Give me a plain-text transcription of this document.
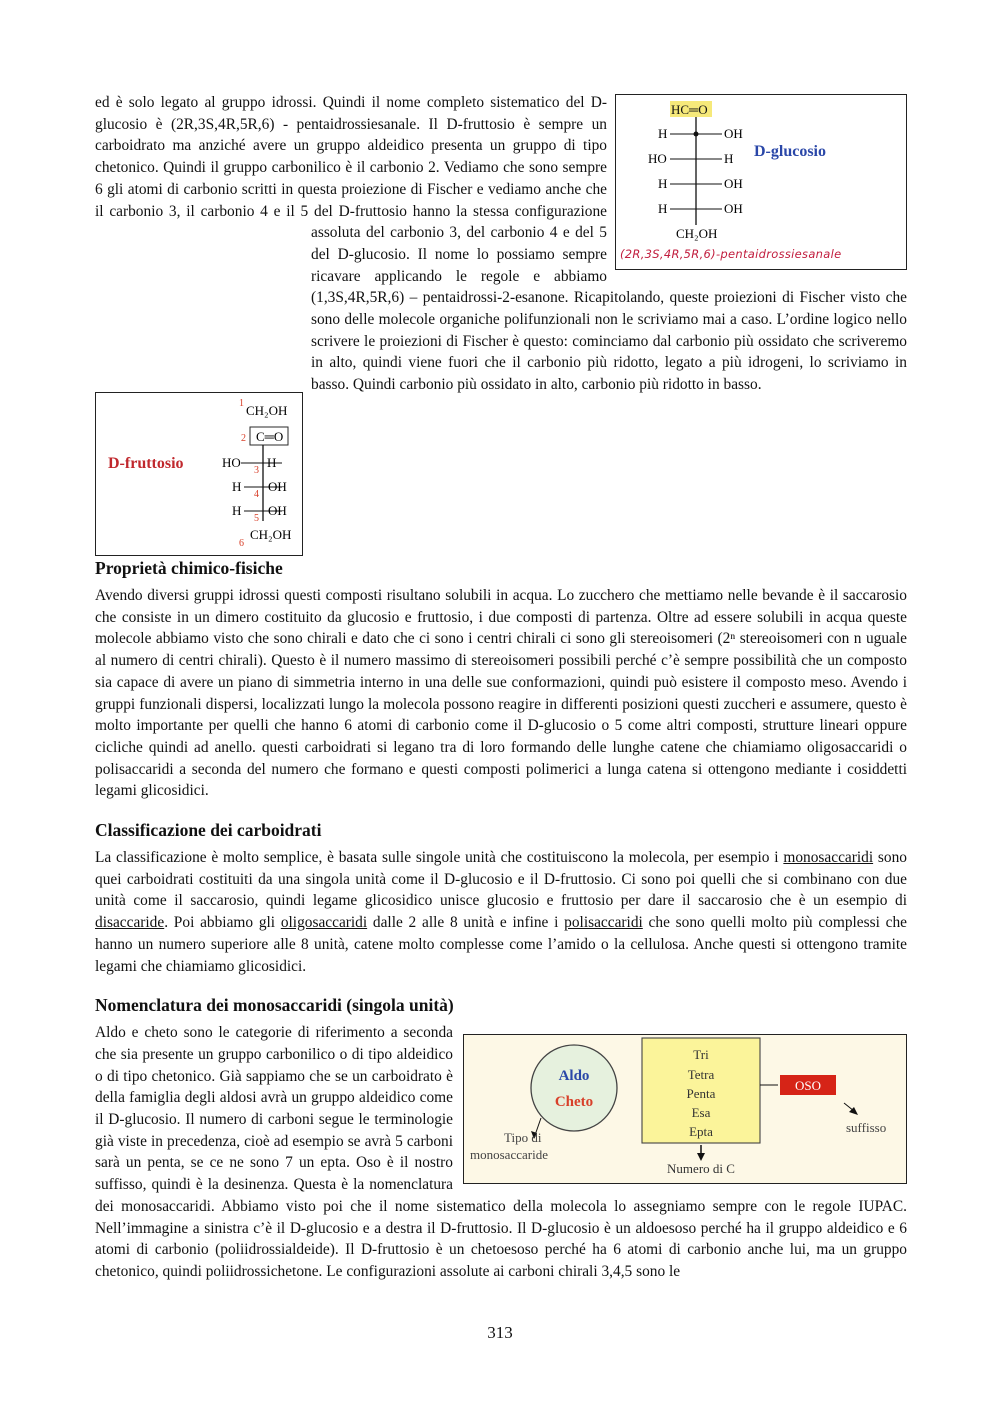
HC═O
H	OH
HO	H
H	OH
H	OH
CH₂OH
D-glucosio
(2R,3S,4R,5R,6)-pentaidrossiesanale
D-fruttosio
CH₂OH
1
C═O
2
HO H
3
H OH
4
H OH
5
CH₂OH
6

ed è solo legato al gruppo idrossi. Quindi il nome completo sistematico del D-glucosio è (2R,3S,4R,5R,6) - pentaidrossiesanale. Il D-fruttosio è sempre un carboidrato ma anziché avere un gruppo aldeidico presenta un gruppo di tipo chetonico. Quindi il gruppo carbonilico è il carbonio 2. Vediamo che sono sempre 6 gli atomi di carbonio scritti in questa proiezione di Fischer e vediamo anche che il carbonio 3, il carbonio 4 e il 5 del D-fruttosio hanno la stessa configurazione assoluta del carbonio 3, del carbonio 4 e del 5 del D-glucosio. Il nome lo possiamo sempre ricavare applicando le regole e abbiamo (1,3S,4R,5R,6) – pentaidrossi-2-esanone. Ricapitolando, queste proiezioni di Fischer visto che sono delle molecole organiche polifunzionali non le scriviamo mai a caso. L’ordine logico nello scrivere le proiezioni di Fischer è questo: cominciamo dal carbonio più ossidato che scriveremo in alto, quindi viene fuori che il carbonio più ridotto, legato a più idrogeni, lo scriviamo in basso. Quindi carbonio più ossidato in alto, carbonio più ridotto in basso.

Proprietà chimico-fisiche

Avendo diversi gruppi idrossi questi composti risultano solubili in acqua. Lo zucchero che mettiamo nelle bevande è il saccarosio che consiste in un dimero costituito da glucosio e fruttosio, i due composti di partenza. Oltre ad essere solubili in acqua queste molecole abbiamo visto che sono chirali e dato che ci sono i centri chirali ci sono gli stereoisomeri (2ⁿ stereoisomeri con n uguale al numero di centri chirali). Questo è il numero massimo di stereoisomeri possibili perché c’è sempre possibilità che un composto sia capace di avere un piano di simmetria interno in una delle sue conformazioni, quindi può esistere il composto meso. Avendo i gruppi funzionali dispersi, localizzati lungo la molecola possono reagire in differenti posizioni questi zuccheri e assumere, questo è molto importante per quelli che hanno 6 atomi di carbonio come il D-glucosio o 5 come altri composti, strutture lineari oppure cicliche quindi ad anello. questi carboidrati si legano tra di loro formando delle lunghe catene che chiamiamo oligosaccaridi o polisaccaridi a seconda del numero che formano e questi composti polimerici a lunga catena si ottengono mediante i cosiddetti legami glicosidici.

Classificazione dei carboidrati

La classificazione è molto semplice, è basata sulle singole unità che costituiscono la molecola, per esempio i monosaccaridi sono quei carboidrati costituiti da una singola unità come il D-glucosio e il D-fruttosio. Ci sono poi quelli che si combinano con due unità come il saccarosio, quindi legame glicosidico unisce glucosio e fruttosio per dare il saccarosio che è un esempio di disaccaride. Poi abbiamo gli oligosaccaridi dalle 2 alle 8 unità e infine i polisaccaridi che sono quelli molto più complessi che hanno un numero superiore alle 8 unità, catene molto complesse come l’amido o la cellulosa. Anche questi si ottengono tramite legami che chiamiamo glicosidici.

Nomenclatura dei monosaccaridi (singola unità)
Aldo
Cheto
Tipo di
monosaccaride
Tri
Tetra
Penta
Esa
Epta
Numero di C
OSO
suffisso

Aldo e cheto sono le categorie di riferimento a seconda che sia presente un gruppo carbonilico o di tipo aldeidico o di tipo chetonico. Già sappiamo che se un carboidrato è della famiglia degli aldosi avrà un gruppo aldeidico come il D-glucosio. Il numero di carboni segue le terminologie già viste in precedenza, cioè ad esempio se avrà 5 carboni sarà un penta, se ce ne sono 7 un epta. Oso è il nostro suffisso, quindi è la desinenza. Questa è la nomenclatura dei monosaccaridi. Abbiamo visto poi che il nome sistematico della molecola lo assegniamo sempre con le regole IUPAC. Nell’immagine a sinistra c’è il D-glucosio e a destra il D-fruttosio. Il D-glucosio è un aldoesoso perché ha il gruppo aldeidico e 6 atomi di carbonio (poliidrossialdeide). Il D-fruttosio è un chetoesoso perché ha 6 atomi di carbonio anche lui, ma un gruppo chetonico, quindi poliidrossichetone. Le configurazioni assolute ai carboni chirali 3,4,5 sono le

313
